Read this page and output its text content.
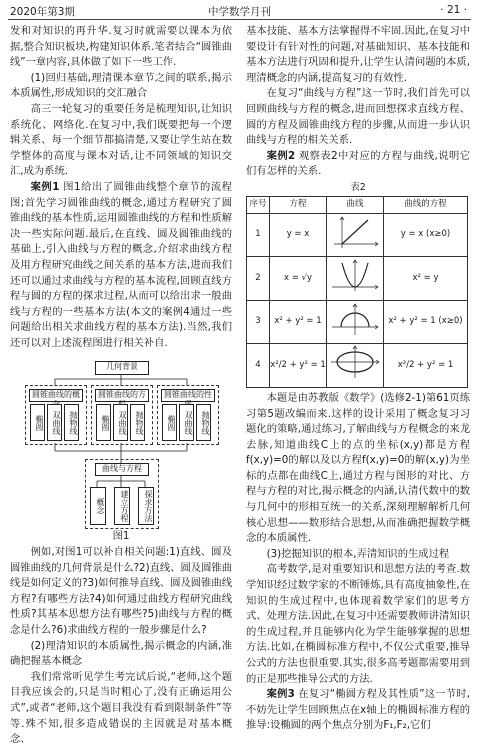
2020年第3期	中学数学月刊	· 21 ·

发和对知识的再升华.复习时就需要以课本为依据,整合知识板块,构建知识体系.笔者结合“圆锥曲线”一章内容,具体做了如下一些工作.

(1)回归基础,理清课本章节之间的联系,揭示本质属性,形成知识的交汇融合

高三一轮复习的重要任务是梳理知识,让知识系统化、网络化.在复习中,我们既要把每一个逻辑关系、每一个细节都搞清楚,又要让学生站在数学整体的高度与课本对话,让不同领域的知识交汇,成为系统.

案例1 图1给出了圆锥曲线整个章节的流程图;首先学习圆锥曲线的概念,通过方程研究了圆锥曲线的基本性质,运用圆锥曲线的方程和性质解决一些实际问题.最后,在直线、圆及圆锥曲线的基础上,引入曲线与方程的概念,介绍求曲线方程及用方程研究曲线之间关系的基本方法,进而我们还可以通过求曲线与方程的基本流程,回顾直线方程与圆的方程的探求过程,从而可以给出求一般曲线与方程的一些基本方法(本文的案例4通过一些问题给出相关求曲线方程的基本方法).当然,我们还可以对上述流程图进行相关补自.

几何背景
圆锥曲线的概
椭圆	双曲线	抛物线
圆锥曲线的方
椭圆	双曲线	抛物线
圆锥曲线的性
椭圆	双曲线	抛物线
曲线与方程
概念	建立方程	探求方法

图1

例如,对图1可以补自相关问题:1)直线、圆及圆锥曲线的几何背景是什么?2)直线、圆及圆锥曲线是如何定义的?3)如何推导直线、圆及圆锥曲线方程?有哪些方法?4)如何通过曲线方程研究曲线性质?其基本思想方法有哪些?5)曲线与方程的概念是什么?6)求曲线方程的一般步骤是什么?

(2)理清知识的本质属性,揭示概念的内涵,准确把握基本概念

我们常常听见学生考完试后说,“老师,这个题目我应该会的,只是当时粗心了,没有正确运用公式”,或者“老师,这个题目我没有看到限制条件”等等.殊不知,很多造成错误的主因就是对基本概念、

基本技能、基本方法掌握得不牢固.因此,在复习中要设计有针对性的问题,对基础知识、基本技能和基本方法进行巩固和提升,让学生认清问题的本质,理清概念的内涵,提高复习的有效性.

在复习“曲线与方程”这一节时,我们首先可以回顾曲线与方程的概念,进而回想探求直线方程、圆的方程及圆锥曲线方程的步骤,从而进一步认识曲线与方程的相关关系.

案例2 观察表2中对应的方程与曲线,说明它们有怎样的关系.

表2

序号	方程	曲线	曲线的方程
1	y = x		y = x (x≥0)
2	x = √y		x² = y
3	x² + y² = 1		x² + y² = 1 (x≥0)
4	x²/2 + y² = 1		x²/2 + y² = 1

本题是由苏教版《数学》(选修2-1)第61页练习第5题改编而来.这样的设计采用了概念复习习题化的策略,通过练习,了解曲线与方程概念的来龙去脉,知道曲线C上的点的坐标(x,y)都是方程f(x,y)=0的解以及以方程f(x,y)=0的解(x,y)为坐标的点都在曲线C上,通过方程与图形的对比、方程与方程的对比,揭示概念的内涵,认清代数中的数与几何中的形相互统一的关系,深刻理解解析几何核心思想——数形结合思想,从而准确把握数学概念的本质属性.

(3)挖掘知识的根本,弄清知识的生成过程

高考数学,是对重要知识和思想方法的考查.数学知识经过数学家的不断锤炼,具有高度抽象性,在知识的生成过程中,也体现着数学家们的思考方式、处理方法.因此,在复习中还需要教师讲清知识的生成过程,并且能够内化为学生能够掌握的思想方法.比如,在椭圆标准方程中,不仅公式重要,推导公式的方法也很重要.其实,很多高考题都需要用到的正是那些推导公式的方法.

案例3 在复习“椭圆方程及其性质”这一节时,不妨先让学生回顾焦点在x轴上的椭圆标准方程的推导:设椭圆的两个焦点分别为F₁,F₂,它们
